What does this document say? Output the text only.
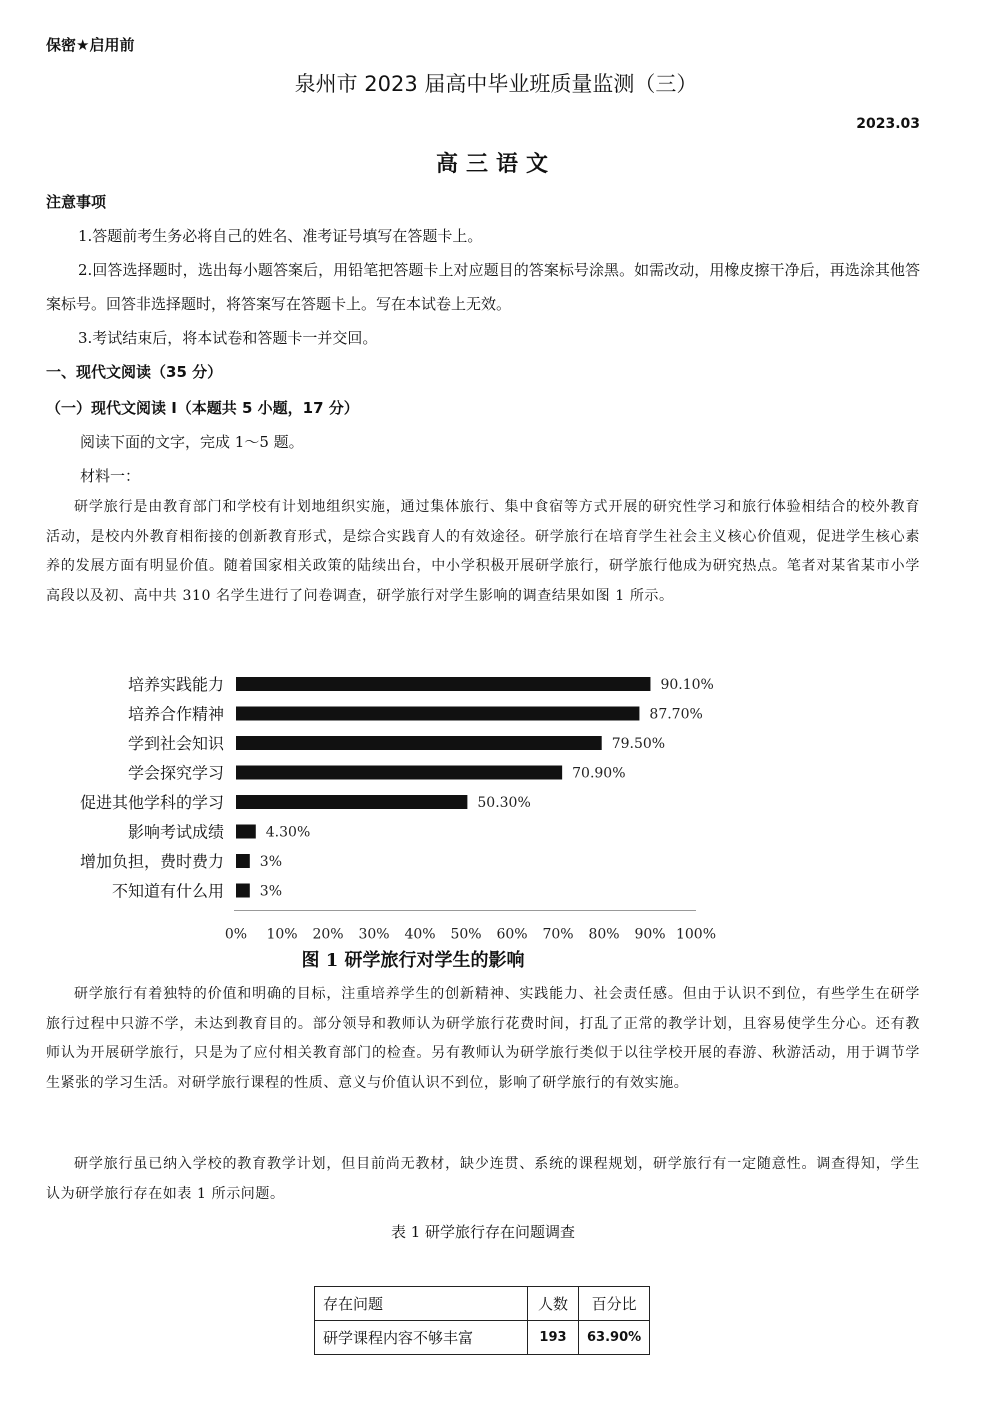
保密★启用前
泉州市 2023 届高中毕业班质量监测（三）
2023.03
高三语文
注意事项
1.答题前考生务必将自己的姓名、准考证号填写在答题卡上。
2.回答选择题时，选出每小题答案后，用铅笔把答题卡上对应题目的答案标号涂黑。如需改动，用橡皮擦干净后，再选涂其他答案标号。回答非选择题时，将答案写在答题卡上。写在本试卷上无效。
3.考试结束后，将本试卷和答题卡一并交回。
一、现代文阅读（35 分）
（一）现代文阅读 I（本题共 5 小题，17 分）
阅读下面的文字，完成 1～5 题。
材料一：
研学旅行是由教育部门和学校有计划地组织实施，通过集体旅行、集中食宿等方式开展的研究性学习和旅行体验相结合的校外教育活动，是校内外教育相衔接的创新教育形式，是综合实践育人的有效途径。研学旅行在培育学生社会主义核心价值观，促进学生核心素养的发展方面有明显价值。随着国家相关政策的陆续出台，中小学积极开展研学旅行，研学旅行他成为研究热点。笔者对某省某市小学高段以及初、高中共 310 名学生进行了问卷调查，研学旅行对学生影响的调查结果如图 1 所示。
培养实践能力	90.10%
培养合作精神	87.70%
学到社会知识	79.50%
学会探究学习	70.90%
促进其他学科的学习	50.30%
影响考试成绩	4.30%
增加负担，费时费力	3%
不知道有什么用	3%
0% 10% 20% 30% 40% 50% 60% 70% 80% 90% 100%
图 1 研学旅行对学生的影响
研学旅行有着独特的价值和明确的目标，注重培养学生的创新精神、实践能力、社会责任感。但由于认识不到位，有些学生在研学旅行过程中只游不学，未达到教育目的。部分领导和教师认为研学旅行花费时间，打乱了正常的教学计划，且容易使学生分心。还有教师认为开展研学旅行，只是为了应付相关教育部门的检查。另有教师认为研学旅行类似于以往学校开展的春游、秋游活动，用于调节学生紧张的学习生活。对研学旅行课程的性质、意义与价值认识不到位，影响了研学旅行的有效实施。
研学旅行虽已纳入学校的教育教学计划，但目前尚无教材，缺少连贯、系统的课程规划，研学旅行有一定随意性。调查得知，学生认为研学旅行存在如表 1 所示问题。
表 1 研学旅行存在问题调查
存在问题	人数	百分比
研学课程内容不够丰富	193	63.90%
